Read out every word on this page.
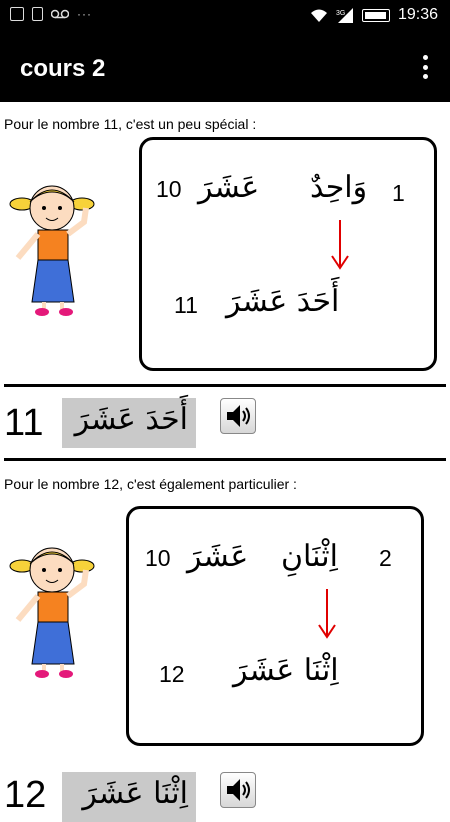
···	3G	19:36
cours 2
Pour le nombre 11, c'est un peu spécial :
10 عَشَرَ وَاحِدٌ 1
11 أَحَدَ عَشَرَ
11 أَحَدَ عَشَرَ
Pour le nombre 12, c'est également particulier :
10 عَشَرَ اِثْنَانِ 2
12 اِثْنَا عَشَرَ
12 اِثْنَا عَشَرَ
